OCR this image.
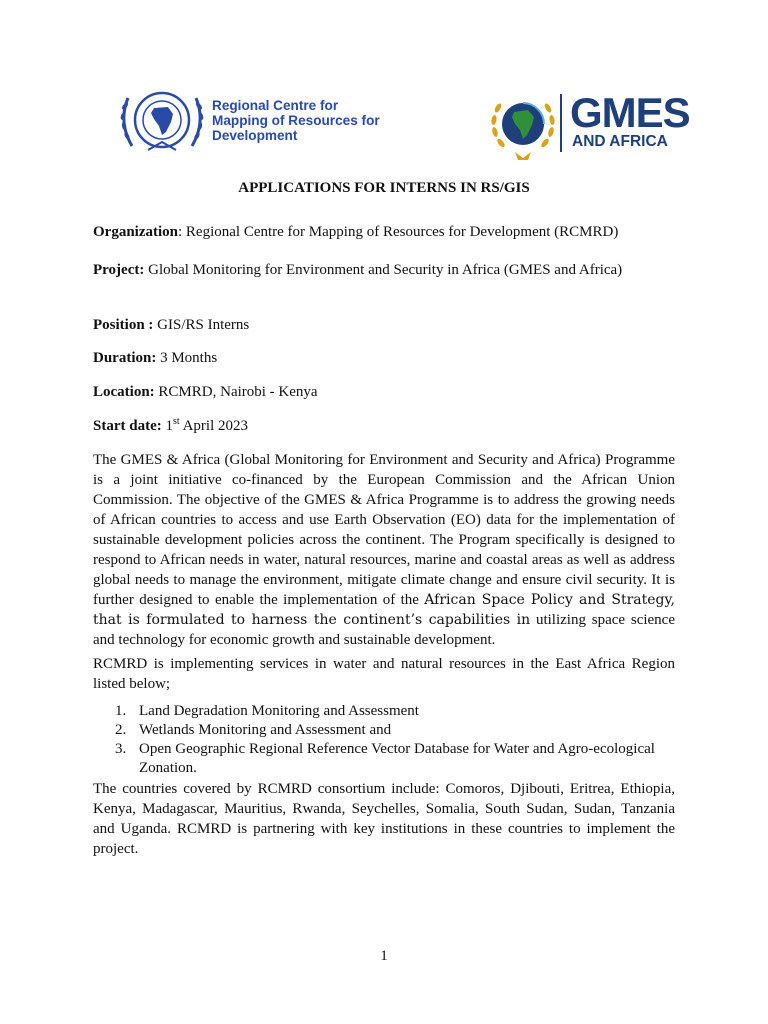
Regional Centre for Mapping of Resources for Development	GMES
AND AFRICA
APPLICATIONS FOR INTERNS IN RS/GIS
Organization: Regional Centre for Mapping of Resources for Development (RCMRD)
Project: Global Monitoring for Environment and Security in Africa (GMES and Africa)
Position : GIS/RS Interns
Duration: 3 Months
Location: RCMRD, Nairobi - Kenya
Start date: 1st April 2023
The GMES & Africa (Global Monitoring for Environment and Security and Africa) Programme is a joint initiative co-financed by the European Commission and the African Union Commission. The objective of the GMES & Africa Programme is to address the growing needs of African countries to access and use Earth Observation (EO) data for the implementation of sustainable development policies across the continent. The Program specifically is designed to respond to African needs in water, natural resources, marine and coastal areas as well as address global needs to manage the environment, mitigate climate change and ensure civil security. It is further designed to enable the implementation of the African Space Policy and Strategy, that is formulated to harness the continent’s capabilities in utilizing space science and technology for economic growth and sustainable development.
RCMRD is implementing services in water and natural resources in the East Africa Region listed below;
1. Land Degradation Monitoring and Assessment
2. Wetlands Monitoring and Assessment and
3. Open Geographic Regional Reference Vector Database for Water and Agro-ecological Zonation.
The countries covered by RCMRD consortium include: Comoros, Djibouti, Eritrea, Ethiopia, Kenya, Madagascar, Mauritius, Rwanda, Seychelles, Somalia, South Sudan, Sudan, Tanzania and Uganda. RCMRD is partnering with key institutions in these countries to implement the project.
1
